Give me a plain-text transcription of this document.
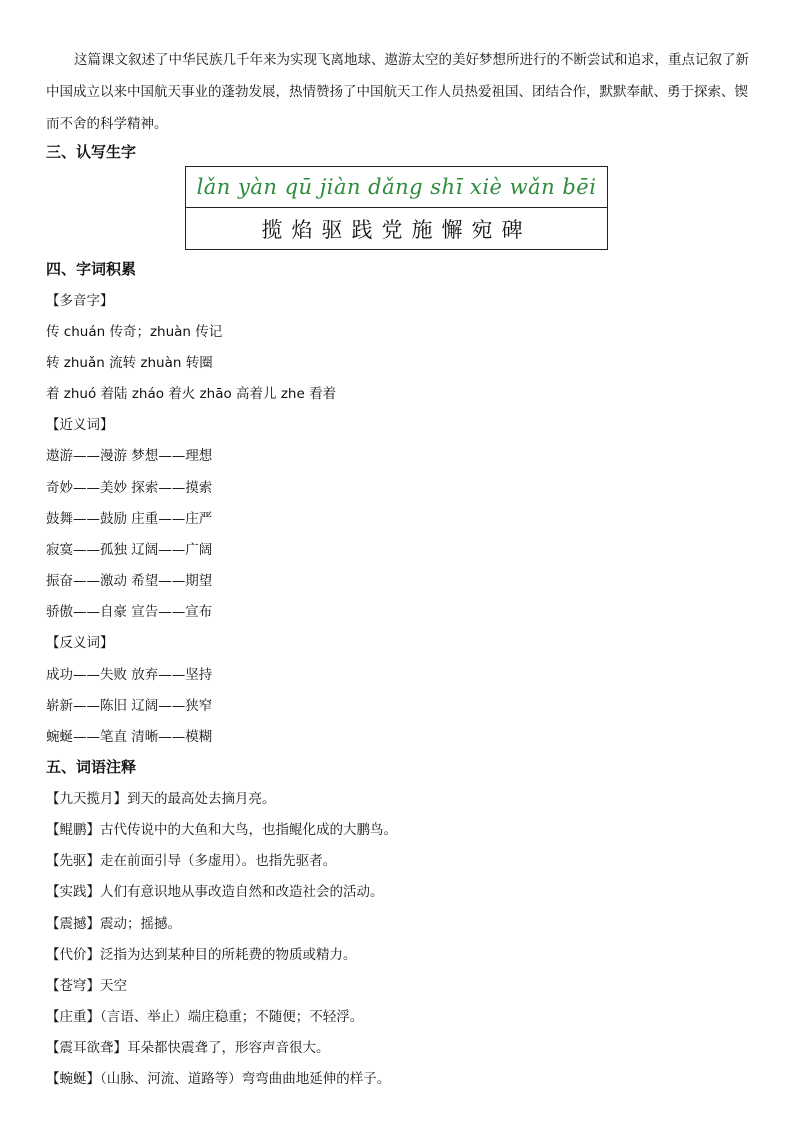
这篇课文叙述了中华民族几千年来为实现飞离地球、遨游太空的美好梦想所进行的不断尝试和追求，重点记叙了新中国成立以来中国航天事业的蓬勃发展，热情赞扬了中国航天工作人员热爱祖国、团结合作，默默奉献、勇于探索、锲而不舍的科学精神。

三、认写生字
lǎn yàn qū jiàn dǎng shī xiè wǎn bēi
揽焰驱践党施懈宛碑
四、字词积累
【多音字】
传 chuán 传奇；zhuàn 传记
转 zhuǎn 流转 zhuàn 转圈
着 zhuó 着陆 zháo 着火 zhāo 高着儿 zhe 看着
【近义词】
遨游——漫游 梦想——理想
奇妙——美妙 探索——摸索
鼓舞——鼓励 庄重——庄严
寂寞——孤独 辽阔——广阔
振奋——激动 希望——期望
骄傲——自豪 宣告——宣布
【反义词】
成功——失败 放弃——坚持
崭新——陈旧 辽阔——狭窄
蜿蜒——笔直 清晰——模糊
五、词语注释
【九天揽月】到天的最高处去摘月亮。
【鲲鹏】古代传说中的大鱼和大鸟，也指鲲化成的大鹏鸟。
【先驱】走在前面引导（多虚用）。也指先驱者。
【实践】人们有意识地从事改造自然和改造社会的活动。
【震撼】震动；摇撼。
【代价】泛指为达到某种目的所耗费的物质或精力。
【苍穹】天空
【庄重】（言语、举止）端庄稳重；不随便；不轻浮。
【震耳欲聋】耳朵都快震聋了，形容声音很大。
【蜿蜒】（山脉、河流、道路等）弯弯曲曲地延伸的样子。
